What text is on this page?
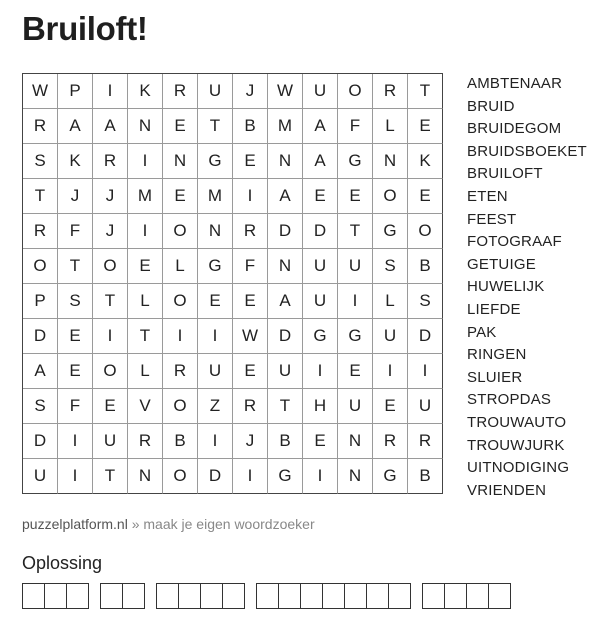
Bruiloft!
W	P	I	K	R	U	J	W	U	O	R	T
R	A	A	N	E	T	B	M	A	F	L	E
S	K	R	I	N	G	E	N	A	G	N	K
T	J	J	M	E	M	I	A	E	E	O	E
R	F	J	I	O	N	R	D	D	T	G	O
O	T	O	E	L	G	F	N	U	U	S	B
P	S	T	L	O	E	E	A	U	I	L	S
D	E	I	T	I	I	W	D	G	G	U	D
A	E	O	L	R	U	E	U	I	E	I	I
S	F	E	V	O	Z	R	T	H	U	E	U
D	I	U	R	B	I	J	B	E	N	R	R
U	I	T	N	O	D	I	G	I	N	G	B
AMBTENAAR
BRUID
BRUIDEGOM
BRUIDSBOEKET
BRUILOFT
ETEN
FEEST
FOTOGRAAF
GETUIGE
HUWELIJK
LIEFDE
PAK
RINGEN
SLUIER
STROPDAS
TROUWAUTO
TROUWJURK
UITNODIGING
VRIENDEN
puzzelplatform.nl » maak je eigen woordzoeker
Oplossing
